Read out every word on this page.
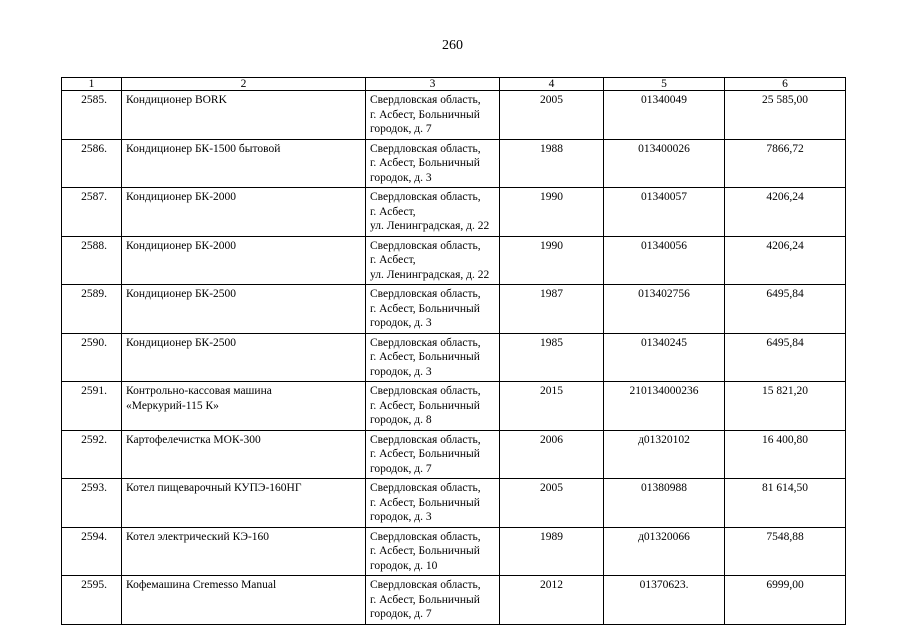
260
1	2	3	4	5	6
2585.	Кондиционер BORK	Свердловская область,
г. Асбест, Больничный
городок, д. 7	2005	01340049	25 585,00
2586.	Кондиционер БК-1500 бытовой	Свердловская область,
г. Асбест, Больничный
городок, д. 3	1988	013400026	7866,72
2587.	Кондиционер БК-2000	Свердловская область,
г. Асбест,
ул. Ленинградская, д. 22	1990	01340057	4206,24
2588.	Кондиционер БК-2000	Свердловская область,
г. Асбест,
ул. Ленинградская, д. 22	1990	01340056	4206,24
2589.	Кондиционер БК-2500	Свердловская область,
г. Асбест, Больничный
городок, д. 3	1987	013402756	6495,84
2590.	Кондиционер БК-2500	Свердловская область,
г. Асбест, Больничный
городок, д. 3	1985	01340245	6495,84
2591.	Контрольно-кассовая машина
«Меркурий-115 К»	Свердловская область,
г. Асбест, Больничный
городок, д. 8	2015	210134000236	15 821,20
2592.	Картофелечистка МОК-300	Свердловская область,
г. Асбест, Больничный
городок, д. 7	2006	д01320102	16 400,80
2593.	Котел пищеварочный КУПЭ-160НГ	Свердловская область,
г. Асбест, Больничный
городок, д. 3	2005	01380988	81 614,50
2594.	Котел электрический КЭ-160	Свердловская область,
г. Асбест, Больничный
городок, д. 10	1989	д01320066	7548,88
2595.	Кофемашина Cremesso Manual	Свердловская область,
г. Асбест, Больничный
городок, д. 7	2012	01370623.	6999,00
